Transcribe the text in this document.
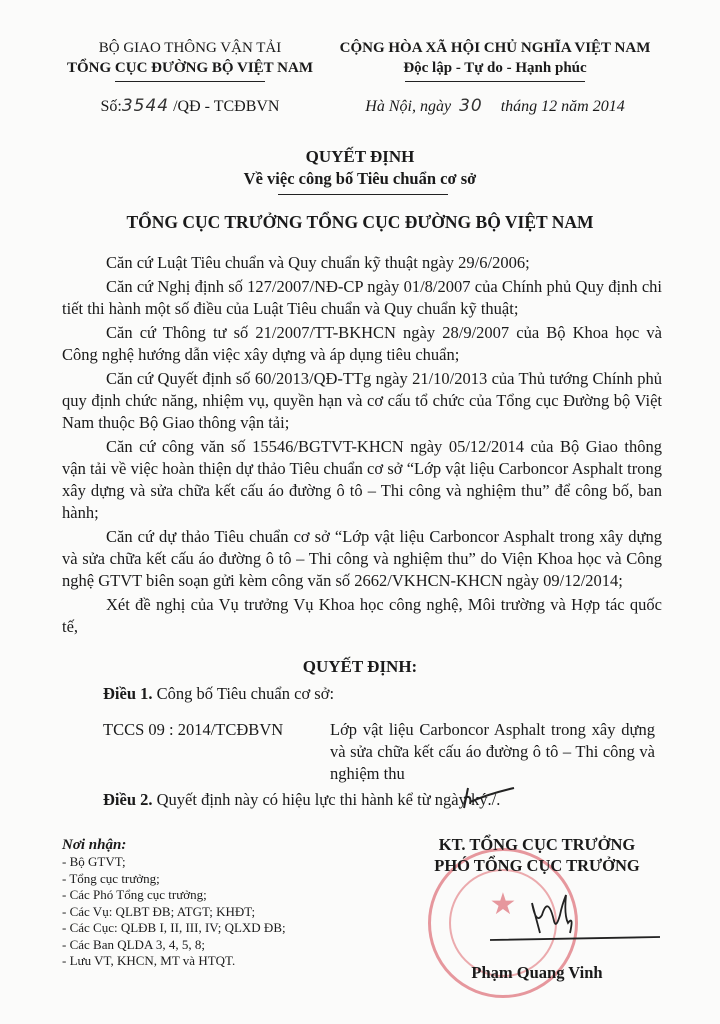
BỘ GIAO THÔNG VẬN TẢI
TỔNG CỤC ĐƯỜNG BỘ VIỆT NAM
Số:3544 /QĐ - TCĐBVN
CỘNG HÒA XÃ HỘI CHỦ NGHĨA VIỆT NAM
Độc lập - Tự do - Hạnh phúc
Hà Nội, ngày 30 tháng 12 năm 2014
QUYẾT ĐỊNH
Về việc công bố Tiêu chuẩn cơ sở
TỔNG CỤC TRƯỞNG TỔNG CỤC ĐƯỜNG BỘ VIỆT NAM

Căn cứ Luật Tiêu chuẩn và Quy chuẩn kỹ thuật ngày 29/6/2006;

Căn cứ Nghị định số 127/2007/NĐ-CP ngày 01/8/2007 của Chính phủ Quy định chi tiết thi hành một số điều của Luật Tiêu chuẩn và Quy chuẩn kỹ thuật;

Căn cứ Thông tư số 21/2007/TT-BKHCN ngày 28/9/2007 của Bộ Khoa học và Công nghệ hướng dẫn việc xây dựng và áp dụng tiêu chuẩn;

Căn cứ Quyết định số 60/2013/QĐ-TTg ngày 21/10/2013 của Thủ tướng Chính phủ quy định chức năng, nhiệm vụ, quyền hạn và cơ cấu tổ chức của Tổng cục Đường bộ Việt Nam thuộc Bộ Giao thông vận tải;

Căn cứ công văn số 15546/BGTVT-KHCN ngày 05/12/2014 của Bộ Giao thông vận tải về việc hoàn thiện dự thảo Tiêu chuẩn cơ sở “Lớp vật liệu Carboncor Asphalt trong xây dựng và sửa chữa kết cấu áo đường ô tô – Thi công và nghiệm thu” để công bố, ban hành;

Căn cứ dự thảo Tiêu chuẩn cơ sở “Lớp vật liệu Carboncor Asphalt trong xây dựng và sửa chữa kết cấu áo đường ô tô – Thi công và nghiệm thu” do Viện Khoa học và Công nghệ GTVT biên soạn gửi kèm công văn số 2662/VKHCN-KHCN ngày 09/12/2014;

Xét đề nghị của Vụ trưởng Vụ Khoa học công nghệ, Môi trường và Hợp tác quốc tế,

QUYẾT ĐỊNH:
Điều 1. Công bố Tiêu chuẩn cơ sở:
TCCS 09 : 2014/TCĐBVN	Lớp vật liệu Carboncor Asphalt trong xây dựng và sửa chữa kết cấu áo đường ô tô – Thi công và nghiệm thu
Điều 2. Quyết định này có hiệu lực thi hành kể từ ngày ký./.
Nơi nhận:
- Bộ GTVT;
- Tổng cục trưởng;
- Các Phó Tổng cục trưởng;
- Các Vụ: QLBT ĐB; ATGT; KHĐT;
- Các Cục: QLĐB I, II, III, IV; QLXD ĐB;
- Các Ban QLDA 3, 4, 5, 8;
- Lưu VT, KHCN, MT và HTQT.
★
KT. TỔNG CỤC TRƯỞNG
PHÓ TỔNG CỤC TRƯỞNG
Phạm Quang Vinh
